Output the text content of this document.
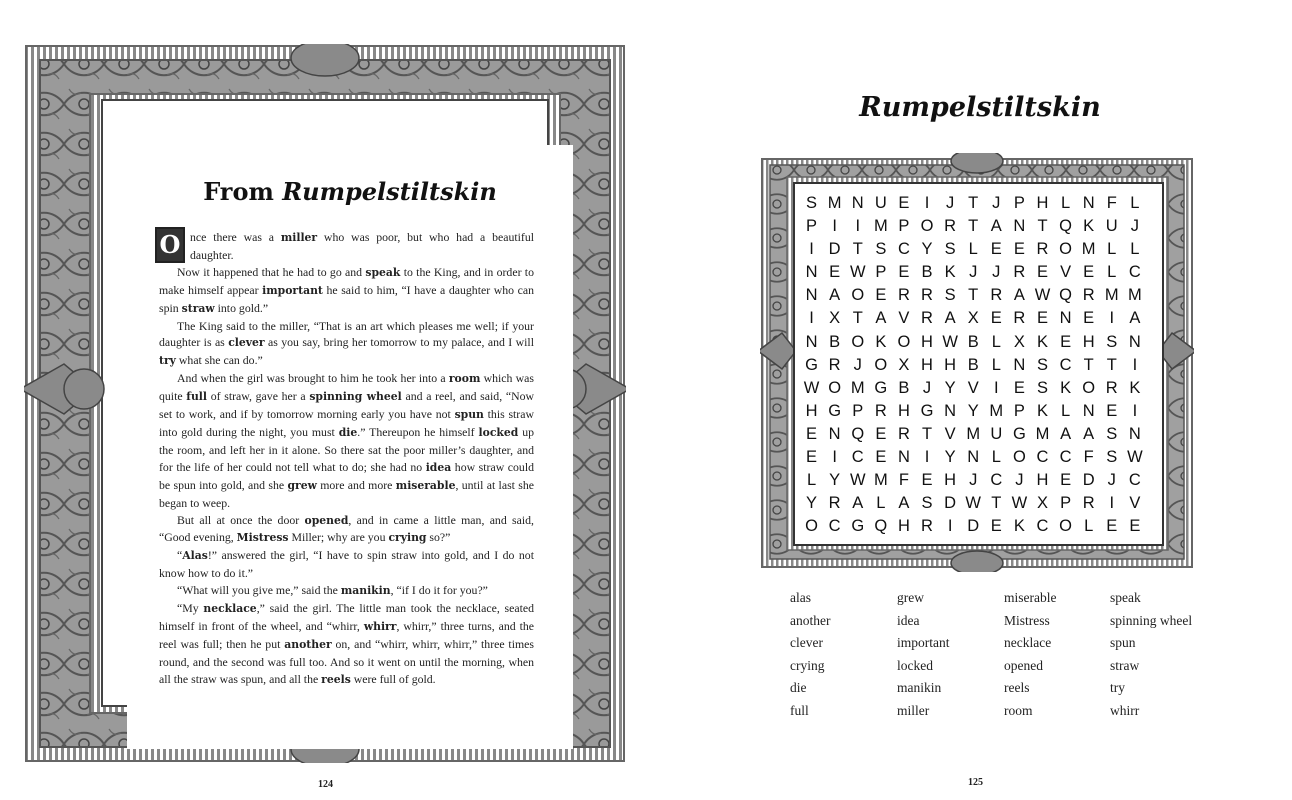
From Rumpelstiltskin

O nce there was a miller who was poor, but who had a beautiful daughter.

Now it happened that he had to go and speak to the King, and in order to make himself appear important he said to him, “I have a daughter who can spin straw into gold.”

The King said to the miller, “That is an art which pleases me well; if your daughter is as clever as you say, bring her tomorrow to my palace, and I will try what she can do.”

And when the girl was brought to him he took her into a room which was quite full of straw, gave her a spinning wheel and a reel, and said, “Now set to work, and if by tomorrow morning early you have not spun this straw into gold during the night, you must die.” Thereupon he himself locked up the room, and left her in it alone. So there sat the poor miller’s daughter, and for the life of her could not tell what to do; she had no idea how straw could be spun into gold, and she grew more and more miserable, until at last she began to weep.

But all at once the door opened, and in came a little man, and said, “Good evening, Mistress Miller; why are you crying so?”

“Alas!” answered the girl, “I have to spin straw into gold, and I do not know how to do it.”

“What will you give me,” said the manikin, “if I do it for you?”

“My necklace,” said the girl. The little man took the necklace, seated himself in front of the wheel, and “whirr, whirr, whirr,” three turns, and the reel was full; then he put another on, and “whirr, whirr, whirr,” three times round, and the second was full too. And so it went on until the morning, when all the straw was spun, and all the reels were full of gold.

124
Rumpelstiltskin
S M N U E I	J T J P H L N F L
P I	I M P O R T A N T Q K U J
I D T S C Y S L E E R O M L L
N E W P E B K J J R E V E L C
N A O E R R S T R A W Q R M M
I X T A V R A X E R E N E I A
N B O K O H W B L X K E H S N
G R J O X H H B L N S C T T I
W O M G B J Y V I E S K O R K
H G P R H G N Y M P K L N E I
E N Q E R T V M U G M A A S N
E I C E N I Y N L O C C F S W
L Y W M F E H J C J H E D J C
Y R A L A S D W T W X P R I V
O C G Q H R I D E K C O L E E
alas	grew	miserable	speak
another	idea	Mistress	spinning wheel
clever	important	necklace	spun
crying	locked	opened	straw
die	manikin	reels	try
full	miller	room	whirr
125
